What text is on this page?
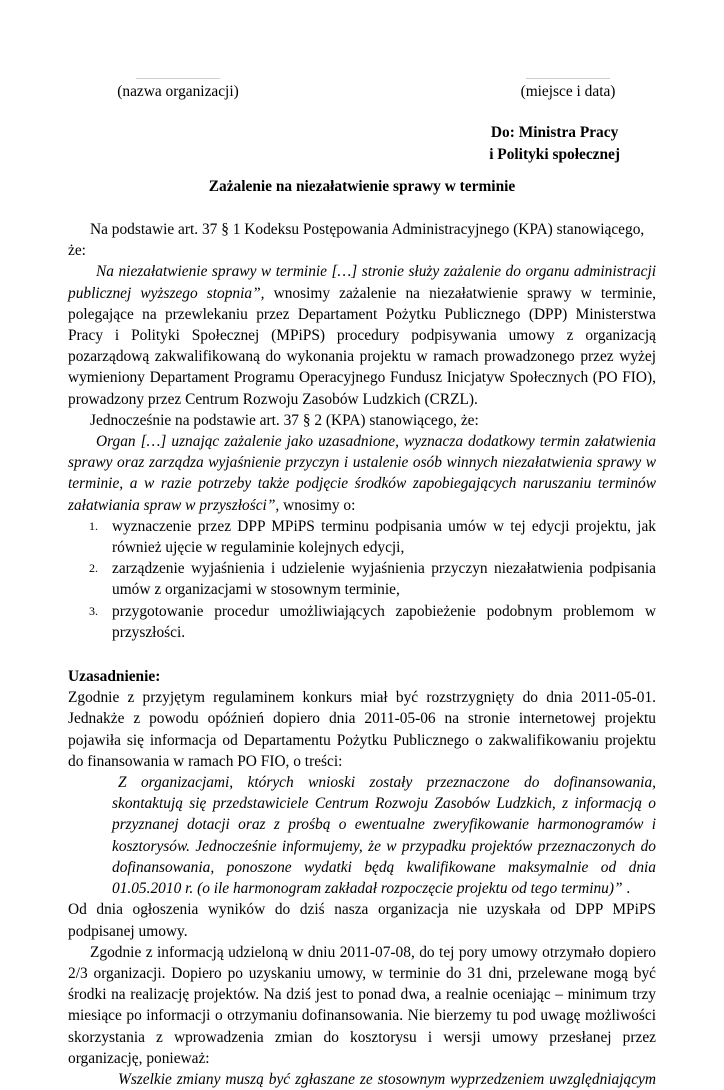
……………………………………
(nazwa organizacji)
……………………………………
(miejsce i data)
Do: Ministra Pracy
i Polityki społecznej
Zażalenie na niezałatwienie sprawy w terminie

Na podstawie art. 37 § 1 Kodeksu Postępowania Administracyjnego (KPA) stanowiącego, że:

Na niezałatwienie sprawy w terminie […] stronie służy zażalenie do organu administracji publicznej wyższego stopnia”, wnosimy zażalenie na niezałatwienie sprawy w terminie, polegające na przewlekaniu przez Departament Pożytku Publicznego (DPP) Ministerstwa Pracy i Polityki Społecznej (MPiPS) procedury podpisywania umowy z organizacją pozarządową zakwalifikowaną do wykonania projektu w ramach prowadzonego przez wyżej wymieniony Departament Programu Operacyjnego Fundusz Inicjatyw Społecznych (PO FIO), prowadzony przez Centrum Rozwoju Zasobów Ludzkich (CRZL).

Jednocześnie na podstawie art. 37 § 2 (KPA) stanowiącego, że:

Organ […] uznając zażalenie jako uzasadnione, wyznacza dodatkowy termin załatwienia sprawy oraz zarządza wyjaśnienie przyczyn i ustalenie osób winnych niezałatwienia sprawy w terminie, a w razie potrzeby także podjęcie środków zapobiegających naruszaniu terminów załatwiania spraw w przyszłości”, wnosimy o:

1. wyznaczenie przez DPP MPiPS terminu podpisania umów w tej edycji projektu, jak również ujęcie w regulaminie kolejnych edycji,
2. zarządzenie wyjaśnienia i udzielenie wyjaśnienia przyczyn niezałatwienia podpisania umów z organizacjami w stosownym terminie,
3. przygotowanie procedur umożliwiających zapobieżenie podobnym problemom w przyszłości.

Uzasadnienie:

Zgodnie z przyjętym regulaminem konkurs miał być rozstrzygnięty do dnia 2011-05-01. Jednakże z powodu opóźnień dopiero dnia 2011-05-06 na stronie internetowej projektu pojawiła się informacja od Departamentu Pożytku Publicznego o zakwalifikowaniu projektu do finansowania w ramach PO FIO, o treści:

Z organizacjami, których wnioski zostały przeznaczone do dofinansowania, skontaktują się przedstawiciele Centrum Rozwoju Zasobów Ludzkich, z informacją o przyznanej dotacji oraz z prośbą o ewentualne zweryfikowanie harmonogramów i kosztorysów. Jednocześnie informujemy, że w przypadku projektów przeznaczonych do dofinansowania, ponoszone wydatki będą kwalifikowane maksymalnie od dnia 01.05.2010 r. (o ile harmonogram zakładał rozpoczęcie projektu od tego terminu)” .

Od dnia ogłoszenia wyników do dziś nasza organizacja nie uzyskała od DPP MPiPS podpisanej umowy.

Zgodnie z informacją udzieloną w dniu 2011-07-08, do tej pory umowy otrzymało dopiero 2/3 organizacji. Dopiero po uzyskaniu umowy, w terminie do 31 dni, przelewane mogą być środki na realizację projektów. Na dziś jest to ponad dwa, a realnie oceniając – minimum trzy miesiące po informacji o otrzymaniu dofinansowania. Nie bierzemy tu pod uwagę możliwości skorzystania z wprowadzenia zmian do kosztorysu i wersji umowy przesłanej przez organizację, ponieważ:

Wszelkie zmiany muszą być zgłaszane ze stosownym wyprzedzeniem uwzględniającym
